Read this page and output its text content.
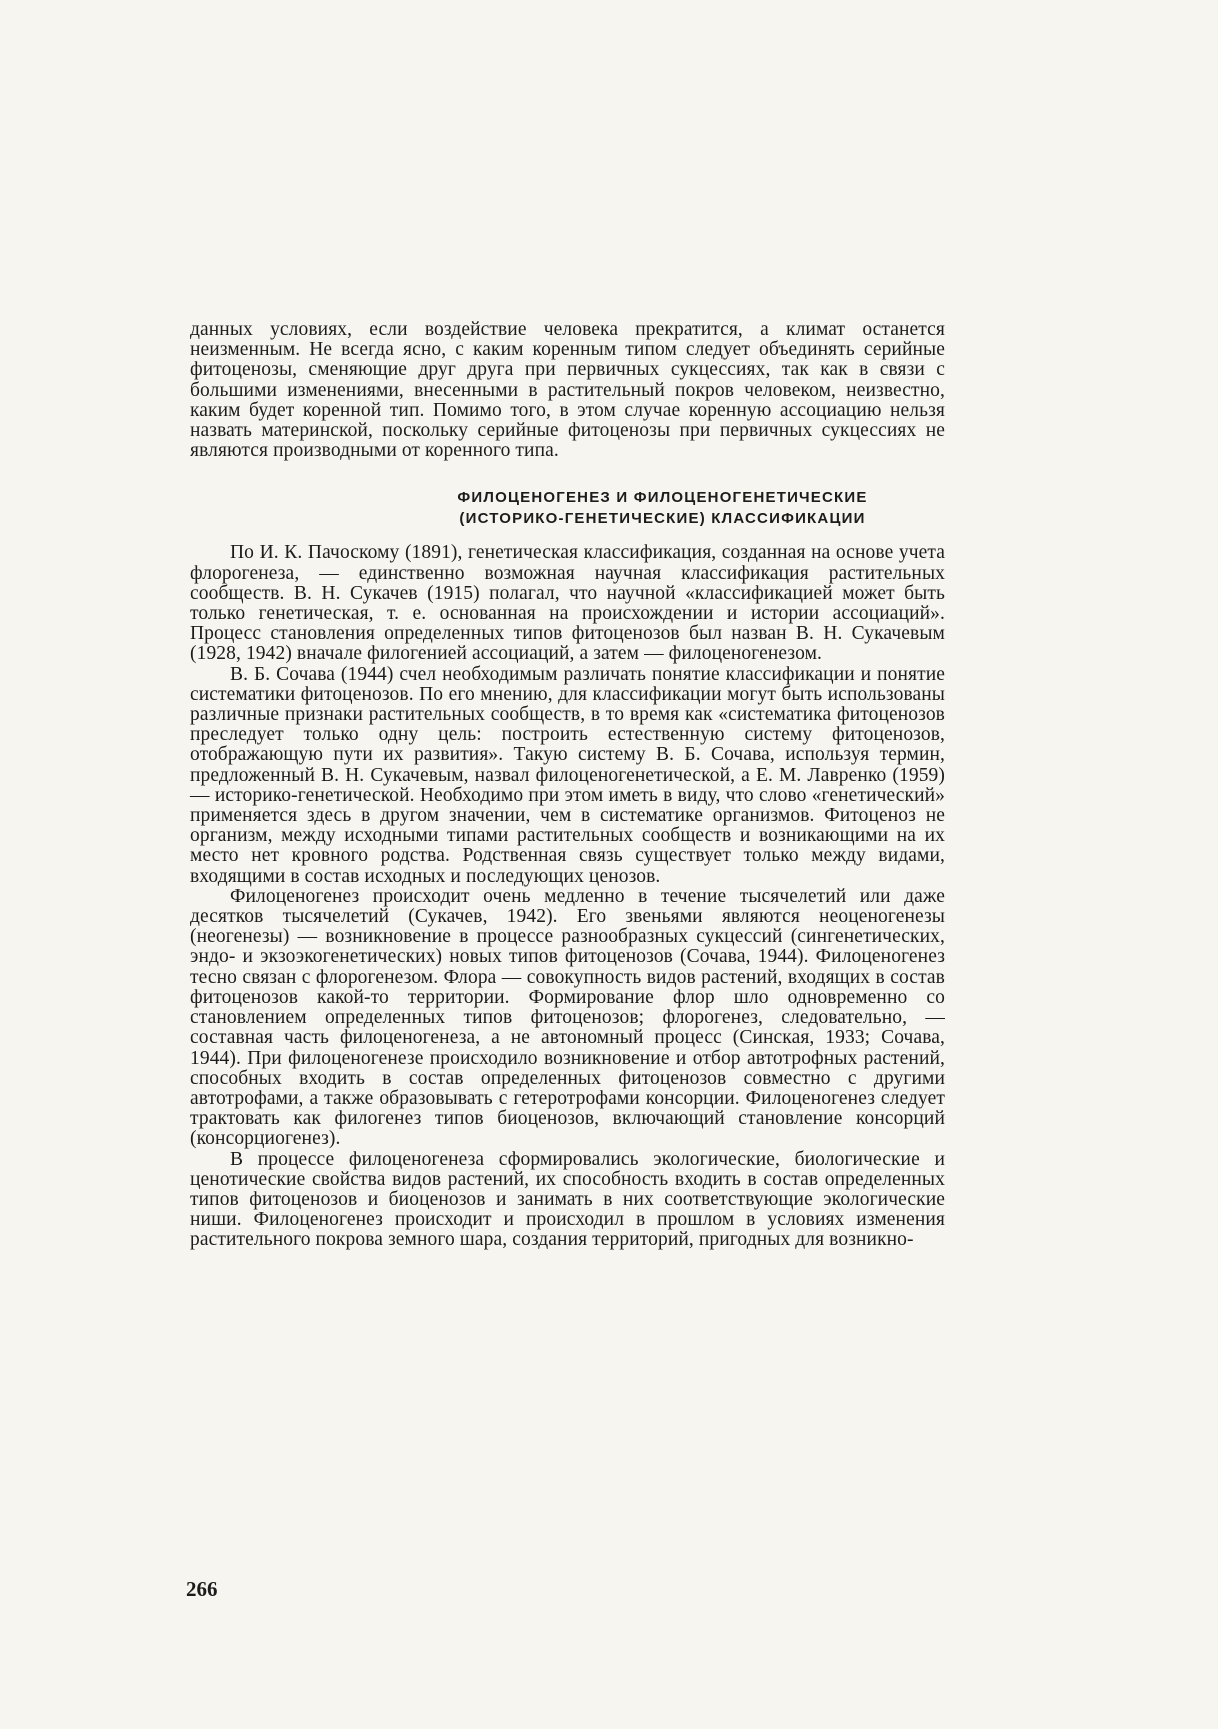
данных условиях, если воздействие человека прекратится, а климат останется неизменным. Не всегда ясно, с каким коренным типом следует объединять серийные фитоценозы, сменяющие друг друга при первичных сукцессиях, так как в связи с большими изменениями, внесенными в растительный покров человеком, неизвестно, каким будет коренной тип. Помимо того, в этом случае коренную ассоциацию нельзя назвать материнской, поскольку серийные фитоценозы при первичных сукцессиях не являются производными от коренного типа.

ФИЛОЦЕНОГЕНЕЗ И ФИЛОЦЕНОГЕНЕТИЧЕСКИЕ
(ИСТОРИКО-ГЕНЕТИЧЕСКИЕ) КЛАССИФИКАЦИИ

По И. К. Пачоскому (1891), генетическая классификация, созданная на основе учета флорогенеза, — единственно возможная научная классификация растительных сообществ. В. Н. Сукачев (1915) полагал, что научной «классификацией может быть только генетическая, т. е. основанная на происхождении и истории ассоциаций». Процесс становления определенных типов фитоценозов был назван В. Н. Сукачевым (1928, 1942) вначале филогенией ассоциаций, а затем — филоценогенезом.

В. Б. Сочава (1944) счел необходимым различать понятие классификации и понятие систематики фитоценозов. По его мнению, для классификации могут быть использованы различные признаки растительных сообществ, в то время как «систематика фитоценозов преследует только одну цель: построить естественную систему фитоценозов, отображающую пути их развития». Такую систему В. Б. Сочава, используя термин, предложенный В. Н. Сукачевым, назвал филоценогенетической, а Е. М. Лавренко (1959) — историко-генетической. Необходимо при этом иметь в виду, что слово «генетический» применяется здесь в другом значении, чем в систематике организмов. Фитоценоз не организм, между исходными типами растительных сообществ и возникающими на их место нет кровного родства. Родственная связь существует только между видами, входящими в состав исходных и последующих ценозов.

Филоценогенез происходит очень медленно в течение тысячелетий или даже десятков тысячелетий (Сукачев, 1942). Его звеньями являются неоценогенезы (неогенезы) — возникновение в процессе разнообразных сукцессий (сингенетических, эндо- и экзоэкогенетических) новых типов фитоценозов (Сочава, 1944). Филоценогенез тесно связан с флорогенезом. Флора — совокупность видов растений, входящих в состав фитоценозов какой-то территории. Формирование флор шло одновременно со становлением определенных типов фитоценозов; флорогенез, следовательно, — составная часть филоценогенеза, а не автономный процесс (Синская, 1933; Сочава, 1944). При филоценогенезе происходило возникновение и отбор автотрофных растений, способных входить в состав определенных фитоценозов совместно с другими автотрофами, а также образовывать с гетеротрофами консорции. Филоценогенез следует трактовать как филогенез типов биоценозов, включающий становление консорций (консорциогенез).

В процессе филоценогенеза сформировались экологические, биологические и ценотические свойства видов растений, их способность входить в состав определенных типов фитоценозов и биоценозов и занимать в них соответствующие экологические ниши. Филоценогенез происходит и происходил в прошлом в условиях изменения растительного покрова земного шара, создания территорий, пригодных для возникно-

266
